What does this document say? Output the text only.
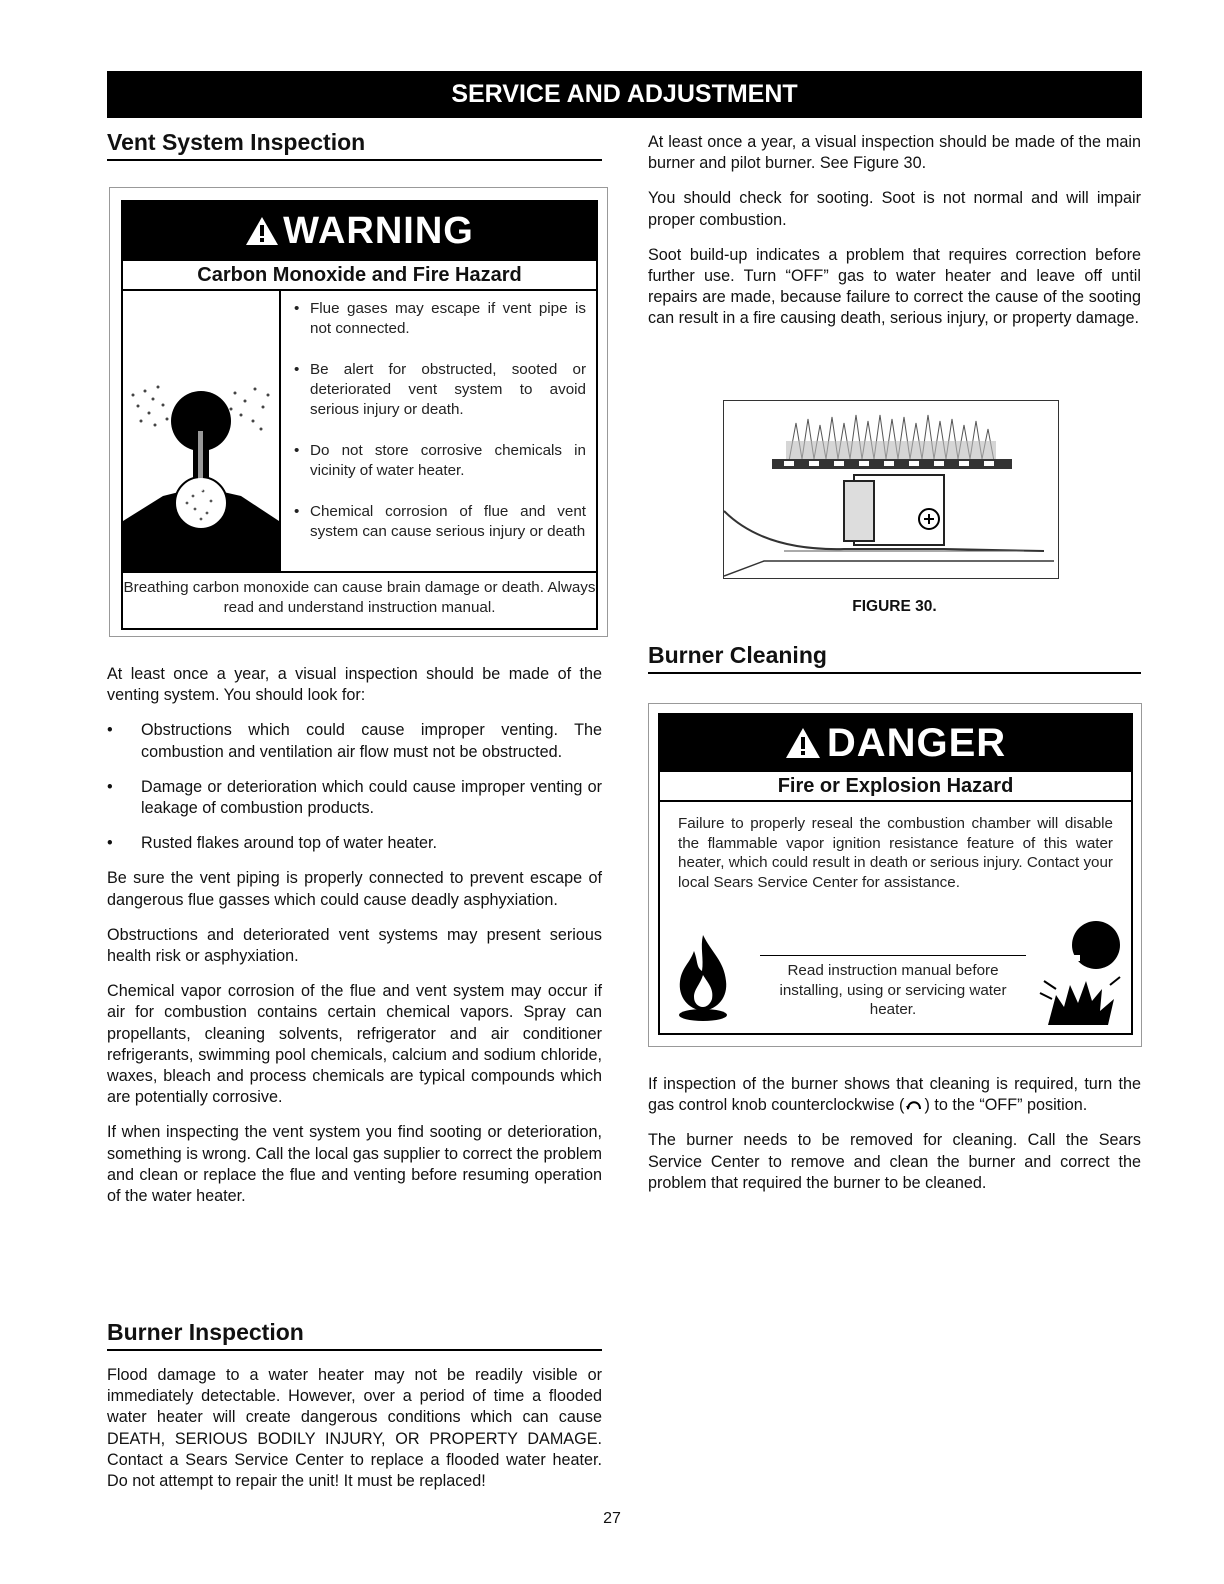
SERVICE AND ADJUSTMENT
Vent System Inspection
WARNING
Carbon Monoxide and Fire Hazard
• Flue gases may escape if vent pipe is not connected.
• Be alert for obstructed, sooted or deteriorated vent system to avoid serious injury or death.
• Do not store corrosive chemicals in vicinity of water heater.
• Chemical corrosion of flue and vent system can cause serious injury or death
Breathing carbon monoxide can cause brain damage or death. Always read and understand instruction manual.

At least once a year, a visual inspection should be made of the venting system. You should look for:

• Obstructions which could cause improper venting. The combustion and ventilation air flow must not be obstructed.
• Damage or deterioration which could cause improper venting or leakage of combustion products.
• Rusted flakes around top of water heater.

Be sure the vent piping is properly connected to prevent escape of dangerous flue gasses which could cause deadly asphyxiation.

Obstructions and deteriorated vent systems may present serious health risk or asphyxiation.

Chemical vapor corrosion of the flue and vent system may occur if air for combustion contains certain chemical vapors. Spray can propellants, cleaning solvents, refrigerator and air conditioner refrigerants, swimming pool chemicals, calcium and sodium chloride, waxes, bleach and process chemicals are typical compounds which are potentially corrosive.

If when inspecting the vent system you find sooting or deterioration, something is wrong. Call the local gas supplier to correct the problem and clean or replace the flue and venting before resuming operation of the water heater.

Burner Inspection

Flood damage to a water heater may not be readily visible or immediately detectable. However, over a period of time a flooded water heater will create dangerous conditions which can cause DEATH, SERIOUS BODILY INJURY, OR PROPERTY DAMAGE. Contact a Sears Service Center to replace a flooded water heater. Do not attempt to repair the unit! It must be replaced!

At least once a year, a visual inspection should be made of the main burner and pilot burner. See Figure 30.

You should check for sooting. Soot is not normal and will impair proper combustion.

Soot build-up indicates a problem that requires correction before further use. Turn “OFF” gas to water heater and leave off until repairs are made, because failure to correct the cause of the sooting can result in a fire causing death, serious injury, or property damage.

FIGURE 30.
Burner Cleaning
DANGER
Fire or Explosion Hazard
Failure to properly reseal the combustion chamber will disable the flammable vapor ignition resistance feature of this water heater, which could result in death or serious injury. Contact your local Sears Service Center for assistance.
Read instruction manual before installing, using or servicing water heater.

If inspection of the burner shows that cleaning is required, turn the gas control knob counterclockwise ( ) to the “OFF” position.

The burner needs to be removed for cleaning. Call the Sears Service Center to remove and clean the burner and correct the problem that required the burner to be cleaned.

27
